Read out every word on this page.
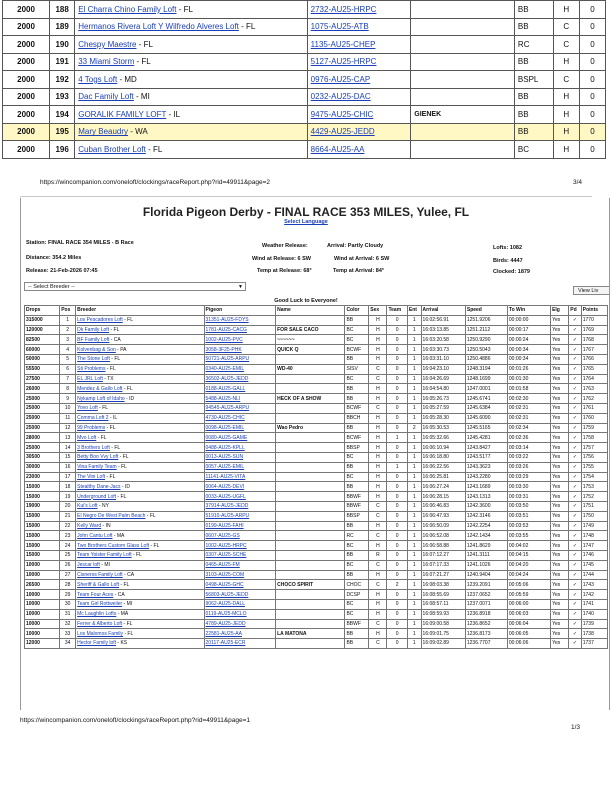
2000	188	El Charra Chino Family Loft - FL	2732-AU25-HRPC		BB	H	0
2000	189	Hermanos Rivera Loft Y Wilfredo Alveres Loft - FL	1075-AU25-ATB		BB	C	0
2000	190	Chespy Maestre - FL	1135-AU25-CHEP		RC	C	0
2000	191	33 Miami Storm - FL	5127-AU25-HRPC		BB	H	0
2000	192	4 Togs Loft - MD	0976-AU25-CAP		BSPL	C	0
2000	193	Dac Family Loft - MI	0232-AU25-DAC		BB	H	0
2000	194	GORALIK FAMILY LOFT - IL	9475-AU25-CHIC	GIENEK	BB	H	0
2000	195	Mary Beaudry - WA	4429-AU25-JEDD		BB	H	0
2000	196	Cuban Brother Loft - FL	8664-AU25-AA		BC	H	0
https://wincompanion.com/oneloft/clockings/raceReport.php?rid=49911&page=2	3/4
Florida Pigeon Derby - FINAL RACE 353 MILES, Yulee, FL
Select Language
Station: FINAL RACE 354 MILES - B Race
Distance: 354.2 Miles
Release: 21-Feb-2026 07:45
Weather Release:	Arrival: Partly Cloudy
Wind at Release: 6 SW	Wind at Arrival: 6 SW
Temp at Release: 68°	Temp at Arrival: 84°
Lofts: 1082
Birds: 4447
Clocked: 1879
-- Select Breeder --	▼
View Liv
Good Luck to Everyone!
Drops	Pos	Breeder	Pigeon	Name	Color	Sex	Team	Ent	Arrival	Speed	To Win	Elg	Pd	Points
315000	1	Los Pescadores Loft - FL	31351-AU25-FDYS		BB	H	0	1	16:02:56.91	1251.9206	00:00:00	Yes	✓	1770
120000	2	Dk Family Loft - FL	1781-AU25-CACG	FOR SALE CACO	BC	H	0	1	16:03:13.85	1251.2112	00:00:17	Yes	✓	1769
82500	3	BF Family Loft - CA	1002-AU25-PVC	~~~~~~	BC	H	0	1	16:03:20.58	1250.9290	00:00:24	Yes	✓	1768
60000	4	Kolvenbag & Son - PA	3058-3F25-PHK	QUICK Q	BCWF	H	0	1	16:03:30.73	1250.5043	00:00:34	Yes	✓	1767
50000	5	The Stone Loft - FL	50721-AU25-ARPU		BB	H	0	1	16:03:31.10	1250.4886	00:00:34	Yes	✓	1766
55500	6	Sti Problems - FL	0340-AU25-EMIL	WD-40	SISV	C	0	1	16:04:23.10	1248.3194	00:01:26	Yes	✓	1765
27500	7	EL JRL Loft - TX	36502-AU25-JEDD		BC	C	0	1	16:04:26.69	1248.1699	00:01:30	Yes	✓	1764
26000	8	Mendez & Gallo Loft - FL	0188-AU25-GALL		BB	H	0	1	16:04:54.80	1247.0001	00:01:58	Yes	✓	1763
25000	9	Nykamp Loft of Idaho - ID	5488-AU25-NLI	HECK OF A SHOW	BB	H	0	1	16:05:26.73	1245.6741	00:02:30	Yes	✓	1762
25000	10	Yovo Loft - FL	94545-AU25-ARPU		BCWF	C	0	1	16:05:27.59	1245.6384	00:02:31	Yes	✓	1761
25000	11	Comma Loft 2 - IL	4730-AU25-CHIC		BBCH	H	0	1	16:05:28.30	1245.6090	00:02:31	Yes	✓	1760
25000	12	99 Problems - FL	0098-AU25-EMIL	Wao Pedro	BB	H	0	2	16:05:30.53	1245.5165	00:02:34	Yes	✓	1759
28000	13	Mvo Loft - FL	0080-AU25-GAME		BCWF	H	1	1	16:05:32.66	1245.4281	00:02:36	Yes	✓	1758
25000	14	3 Brothers Loft - FL	0488-AU25-KPLL		BBSP	H	0	1	16:06:10.94	1243.8427	00:03:14	Yes	✓	1757
30500	15	Betty Boo Vvy Loft - FL	0013-AU25-SUN		BC	H	0	1	16:06:18.80	1243.5177	00:03:22	Yes	✓	1756
30000	16	Vina Family Team - FL	0057-AU25-EMIL		BB	H	1	1	16:06:22.56	1243.3623	00:03:26	Yes	✓	1755
23000	17	The Vini Loft - FL	11141-AU25-VITA		BC	H	0	1	16:06:25.81	1243.2280	00:03:29	Yes	✓	1754
15000	18	Stealthy Dane-Jacs - ID	0064-AU25-DEVI		BB	H	0	1	16:06:27.24	1243.1689	00:03:30	Yes	✓	1753
15000	19	Underground Loft - FL	0033-AU25-UGFL		BBWF	H	0	1	16:06:28.15	1243.1313	00:03:31	Yes	✓	1752
19000	20	Kui's Loft - NY	37914-AU25-JEDD		BBWF	C	0	1	16:06:46.83	1242.3600	00:03:50	Yes	✓	1751
15000	21	El Negro De West Palm Beach - FL	51910-AU25-ARPU		BBSP	C	0	1	16:06:47.93	1242.3146	00:03:51	Yes	✓	1750
15000	22	Kelly Ward - IN	0199-AU25-FAHI		BB	H	0	1	16:06:50.09	1242.2254	00:03:53	Yes	✓	1749
15000	23	John Cantu Loft - MA	0607-AU25-GS		RC	C	0	1	16:06:52.08	1242.1434	00:03:55	Yes	✓	1748
15000	24	Two Brothers Custom Glass Loft - FL	1002-AU25-HRPC		BC	H	0	1	16:06:58.88	1241.8629	00:04:02	Yes	✓	1747
15000	25	Team Yoister Family Loft - FL	0307-AU25-SCHE		BB	R	0	1	16:07:12.27	1241.3111	00:04:15	Yes	✓	1746
10000	26	Jescar loft - MI	0465-AU25-FM		BC	C	0	1	16:07:17.33	1241.1026	00:04:20	Yes	✓	1745
10000	27	Cisneros Family Loft - CA	3103-AU25-COM		BB	H	0	1	16:07:21.27	1240.9404	00:04:24	Yes	✓	1744
26500	28	Sheriff & Gallo Loft - FL	0498-AU25-GHC	CHOCO SPIRIT	CHOC	C	2	1	16:08:03.38	1239.2091	00:05:06	Yes	✓	1743
10000	29	Team Four Aces - CA	56803-AU25-JEDD		DCSP	H	0	1	16:08:55.69	1237.0652	00:05:59	Yes	✓	1742
10000	30	Team Girl Rottweiler - MI	9062-AU25-DALL		BC	H	0	1	16:08:57.11	1237.0071	00:06:00	Yes	✓	1741
10000	31	Mc Laughlin Lofts - MA	0119-AU25-MCLO		BC	H	0	1	16:08:59.93	1236.8918	00:06:03	Yes	✓	1740
10000	32	Ferrer & Alberto Loft - FL	4789-AU25-JEDD		BBWF	C	0	1	16:09:00.58	1236.8652	00:06:04	Yes	✓	1739
10000	33	Los Malomos Family - FL	22581-AU25-AA	LA MATONA	BB	H	0	1	16:09:01.75	1236.8173	00:06:05	Yes	✓	1738
12000	34	Hector Family loft - KS	20117-AU25-ECR		BB	C	0	1	16:09:02.89	1236.7707	00:06:06	Yes	✓	1737
https://wincompanion.com/oneloft/clockings/raceReport.php?rid=49911&page=1
1/3
